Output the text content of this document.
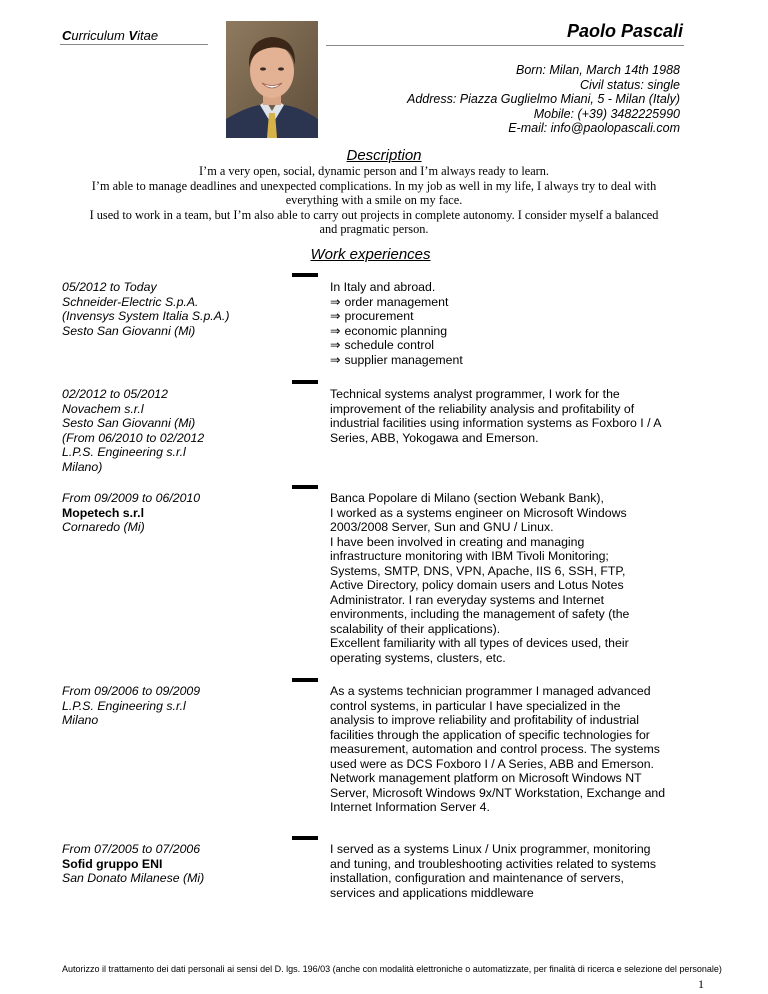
Curriculum Vitae	Paolo Pascali
Born: Milan, March 14th 1988
Civil status: single
Address: Piazza Guglielmo Miani, 5 - Milan (Italy)
Mobile: (+39) 3482225990
E-mail: info@paolopascali.com
Description
I’m a very open, social, dynamic person and I’m always ready to learn.
I’m able to manage deadlines and unexpected complications. In my job as well in my life, I always try to deal with
everything with a smile on my face.
I used to work in a team, but I’m also able to carry out projects in complete autonomy. I consider myself a balanced
and pragmatic person.
Work experiences
05/2012 to Today
Schneider-Electric S.p.A.
(Invensys System Italia S.p.A.)
Sesto San Giovanni (Mi)
In Italy and abroad.
⇒ order management
⇒ procurement
⇒ economic planning
⇒ schedule control
⇒ supplier management
02/2012 to 05/2012
Novachem s.r.l
Sesto San Giovanni (Mi)
(From 06/2010 to 02/2012
L.P.S. Engineering s.r.l
Milano)
Technical systems analyst programmer, I work for the
improvement of the reliability analysis and profitability of
industrial facilities using information systems as Foxboro I / A
Series, ABB, Yokogawa and Emerson.
From 09/2009 to 06/2010
Mopetech s.r.l
Cornaredo (Mi)
Banca Popolare di Milano (section Webank Bank),
I worked as a systems engineer on Microsoft Windows
2003/2008 Server, Sun and GNU / Linux.
I have been involved in creating and managing
infrastructure monitoring with IBM Tivoli Monitoring;
Systems, SMTP, DNS, VPN, Apache, IIS 6, SSH, FTP,
Active Directory, policy domain users and Lotus Notes
Administrator. I ran everyday systems and Internet
environments, including the management of safety (the
scalability of their applications).
Excellent familiarity with all types of devices used, their
operating systems, clusters, etc.
From 09/2006 to 09/2009
L.P.S. Engineering s.r.l
Milano
As a systems technician programmer I managed advanced
control systems, in particular I have specialized in the
analysis to improve reliability and profitability of industrial
facilities through the application of specific technologies for
measurement, automation and control process. The systems
used were as DCS Foxboro I / A Series, ABB and Emerson.
Network management platform on Microsoft Windows NT
Server, Microsoft Windows 9x/NT Workstation, Exchange and
Internet Information Server 4.
From 07/2005 to 07/2006
Sofid gruppo ENI
San Donato Milanese (Mi)
I served as a systems Linux / Unix programmer, monitoring
and tuning, and troubleshooting activities related to systems
installation, configuration and maintenance of servers,
services and applications middleware
Autorizzo il trattamento dei dati personali ai sensi del D. lgs. 196/03 (anche con modalità elettroniche o automatizzate, per finalità di ricerca e selezione del personale)
1
